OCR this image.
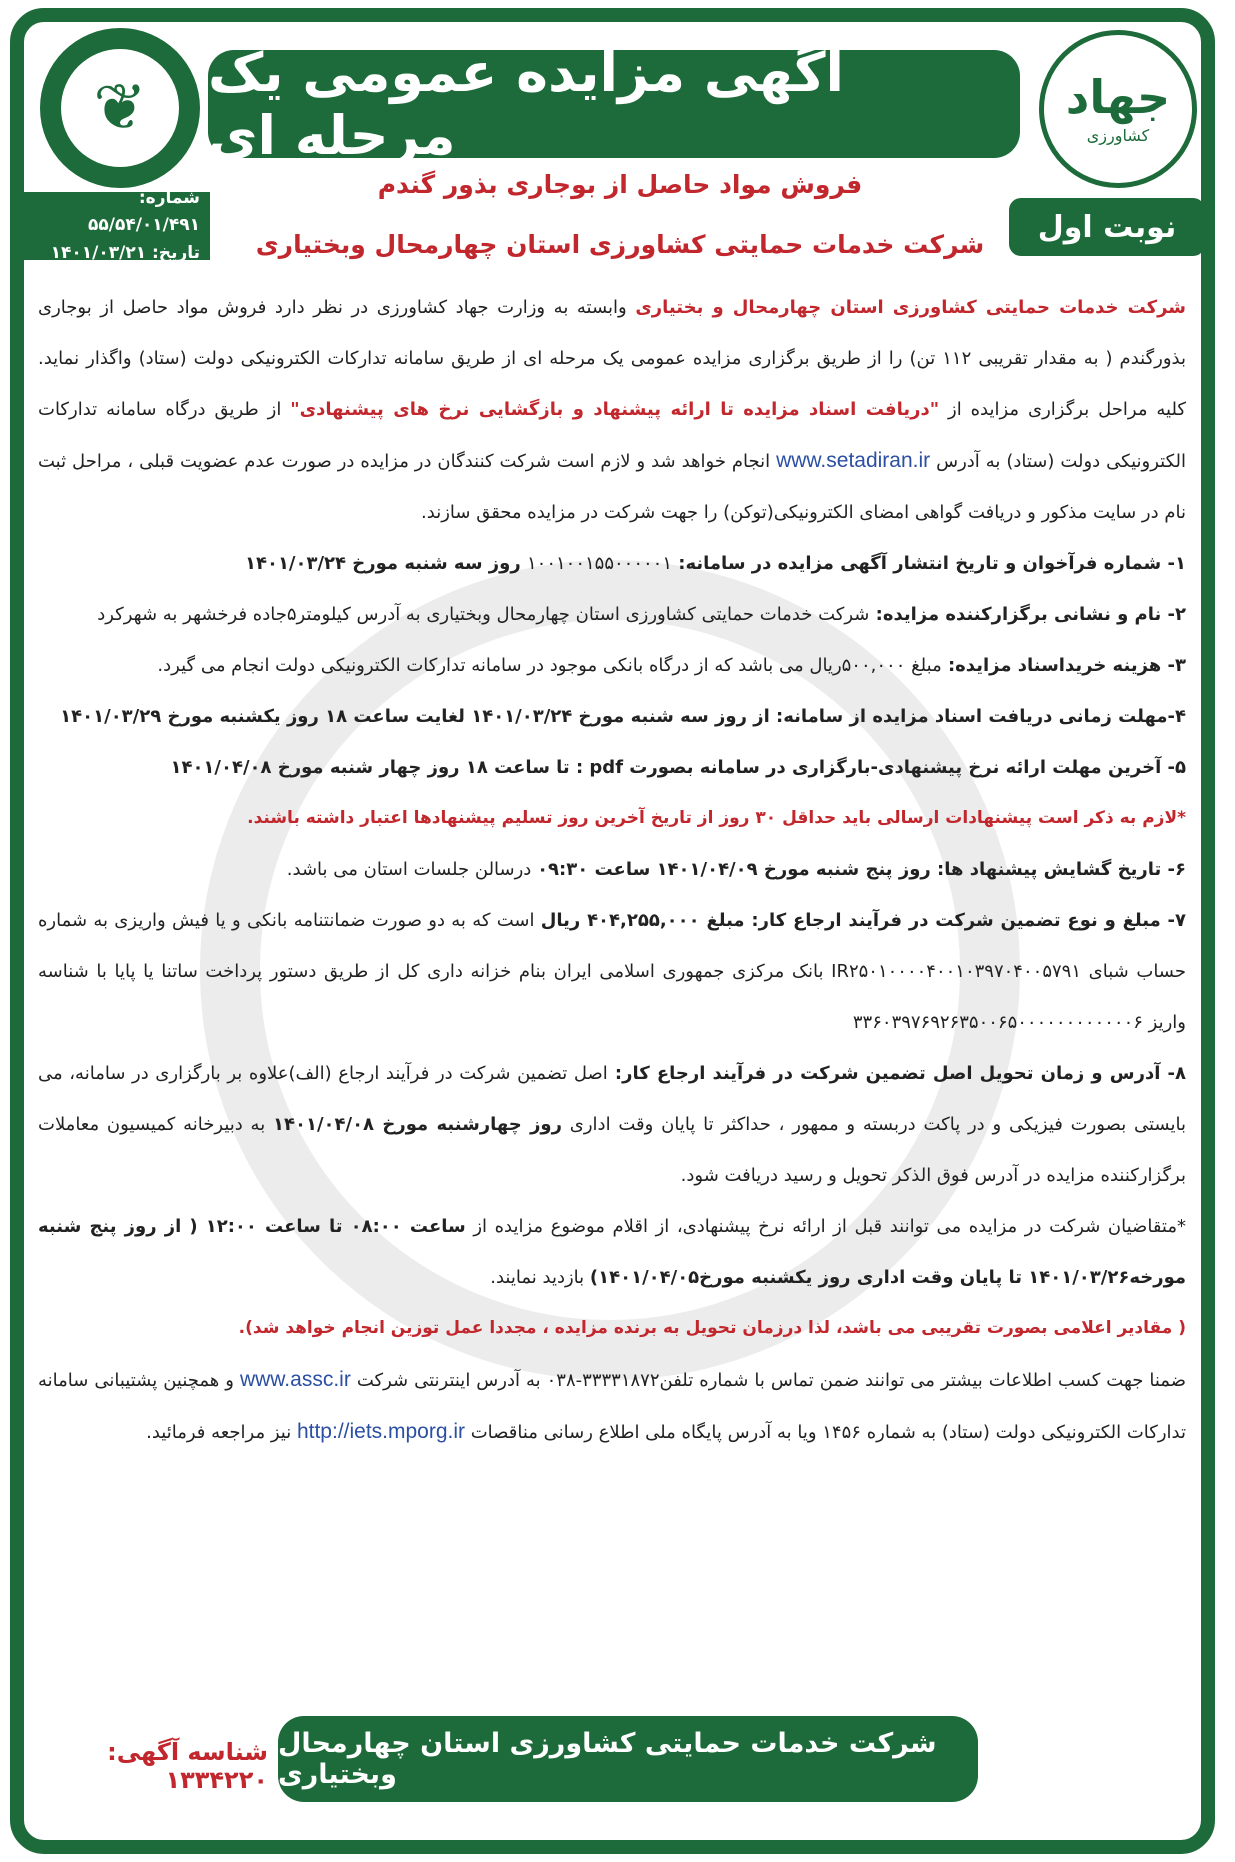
❦	جهاد
کشاورزی
آگهی مزایده عمومی یک مرحله ای
فروش مواد حاصل از بوجاری بذور گندم
شرکت خدمات حمایتی کشاورزی استان چهارمحال وبختیاری
شماره: ۵۵/۵۴/۰۱/۴۹۱
تاریخ: ۱۴۰۱/۰۳/۲۱
نوبت اول

شرکت خدمات حمایتی کشاورزی استان چهارمحال و بختیاری وابسته به وزارت جهاد کشاورزی در نظر دارد فروش مواد حاصل از بوجاری بذورگندم ( به مقدار تقریبی ۱۱۲ تن) را از طریق برگزاری مزایده عمومی یک مرحله ای از طریق سامانه تدارکات الکترونیکی دولت (ستاد) واگذار نماید. کلیه مراحل برگزاری مزایده از "دریافت اسناد مزایده تا ارائه پیشنهاد و بازگشایی نرخ های پیشنهادی" از طریق درگاه سامانه تدارکات الکترونیکی دولت (ستاد) به آدرس www.setadiran.ir انجام خواهد شد و لازم است شرکت کنندگان در مزایده در صورت عدم عضویت قبلی ، مراحل ثبت نام در سایت مذکور و دریافت گواهی امضای الکترونیکی(توکن) را جهت شرکت در مزایده محقق سازند.

۱- شماره فرآخوان و تاریخ انتشار آگهی مزایده در سامانه: ۱۰۰۱۰۰۱۵۵۰۰۰۰۰۱ روز سه شنبه مورخ ۱۴۰۱/۰۳/۲۴

۲- نام و نشانی برگزارکننده مزایده: شرکت خدمات حمایتی کشاورزی استان چهارمحال وبختیاری به آدرس کیلومتر۵جاده فرخشهر به شهرکرد

۳- هزینه خریداسناد مزایده: مبلغ ۵۰۰,۰۰۰ریال می باشد که از درگاه بانکی موجود در سامانه تدارکات الکترونیکی دولت انجام می گیرد.

۴-مهلت زمانی دریافت اسناد مزایده از سامانه: از روز سه شنبه مورخ ۱۴۰۱/۰۳/۲۴ لغایت ساعت ۱۸ روز یکشنبه مورخ ۱۴۰۱/۰۳/۲۹

۵- آخرین مهلت ارائه نرخ پیشنهادی-بارگزاری در سامانه بصورت pdf : تا ساعت ۱۸ روز چهار شنبه مورخ ۱۴۰۱/۰۴/۰۸

*لازم به ذکر است پیشنهادات ارسالی باید حداقل ۳۰ روز از تاریخ آخرین روز تسلیم پیشنهادها اعتبار داشته باشند.

۶- تاریخ گشایش پیشنهاد ها: روز پنج شنبه مورخ ۱۴۰۱/۰۴/۰۹ ساعت ۰۹:۳۰ درسالن جلسات استان می باشد.

۷- مبلغ و نوع تضمین شرکت در فرآیند ارجاع کار: مبلغ ۴۰۴,۲۵۵,۰۰۰ ریال است که به دو صورت ضمانتنامه بانکی و یا فیش واریزی به شماره حساب شبای IR۲۵۰۱۰۰۰۰۴۰۰۱۰۳۹۷۰۴۰۰۵۷۹۱ بانک مرکزی جمهوری اسلامی ایران بنام خزانه داری کل از طریق دستور پرداخت ساتنا یا پایا با شناسه واریز ۳۳۶۰۳۹۷۶۹۲۶۳۵۰۰۶۵۰۰۰۰۰۰۰۰۰۰۰۰۶

۸- آدرس و زمان تحویل اصل تضمین شرکت در فرآیند ارجاع کار: اصل تضمین شرکت در فرآیند ارجاع (الف)علاوه بر بارگزاری در سامانه، می بایستی بصورت فیزیکی و در پاکت دربسته و ممهور ، حداکثر تا پایان وقت اداری روز چهارشنبه مورخ ۱۴۰۱/۰۴/۰۸ به دبیرخانه کمیسیون معاملات برگزارکننده مزایده در آدرس فوق الذکر تحویل و رسید دریافت شود.

*متقاضیان شرکت در مزایده می توانند قبل از ارائه نرخ پیشنهادی، از اقلام موضوع مزایده از ساعت ۰۸:۰۰ تا ساعت ۱۲:۰۰ ( از روز پنج شنبه مورخه۱۴۰۱/۰۳/۲۶ تا پایان وقت اداری روز یکشنبه مورخ۱۴۰۱/۰۴/۰۵) بازدید نمایند.

( مقادیر اعلامی بصورت تقریبی می باشد، لذا درزمان تحویل به برنده مزایده ، مجددا عمل توزین انجام خواهد شد).

ضمنا جهت کسب اطلاعات بیشتر می توانند ضمن تماس با شماره تلفن۳۳۳۳۱۸۷۲-۰۳۸ به آدرس اینترنتی شرکت www.assc.ir و همچنین پشتیبانی سامانه تدارکات الکترونیکی دولت (ستاد) به شماره ۱۴۵۶ ویا به آدرس پایگاه ملی اطلاع رسانی مناقصات http://iets.mporg.ir نیز مراجعه فرمائید.

شرکت خدمات حمایتی کشاورزی استان چهارمحال وبختیاری
شناسه آگهی: ۱۳۳۴۲۲۰
